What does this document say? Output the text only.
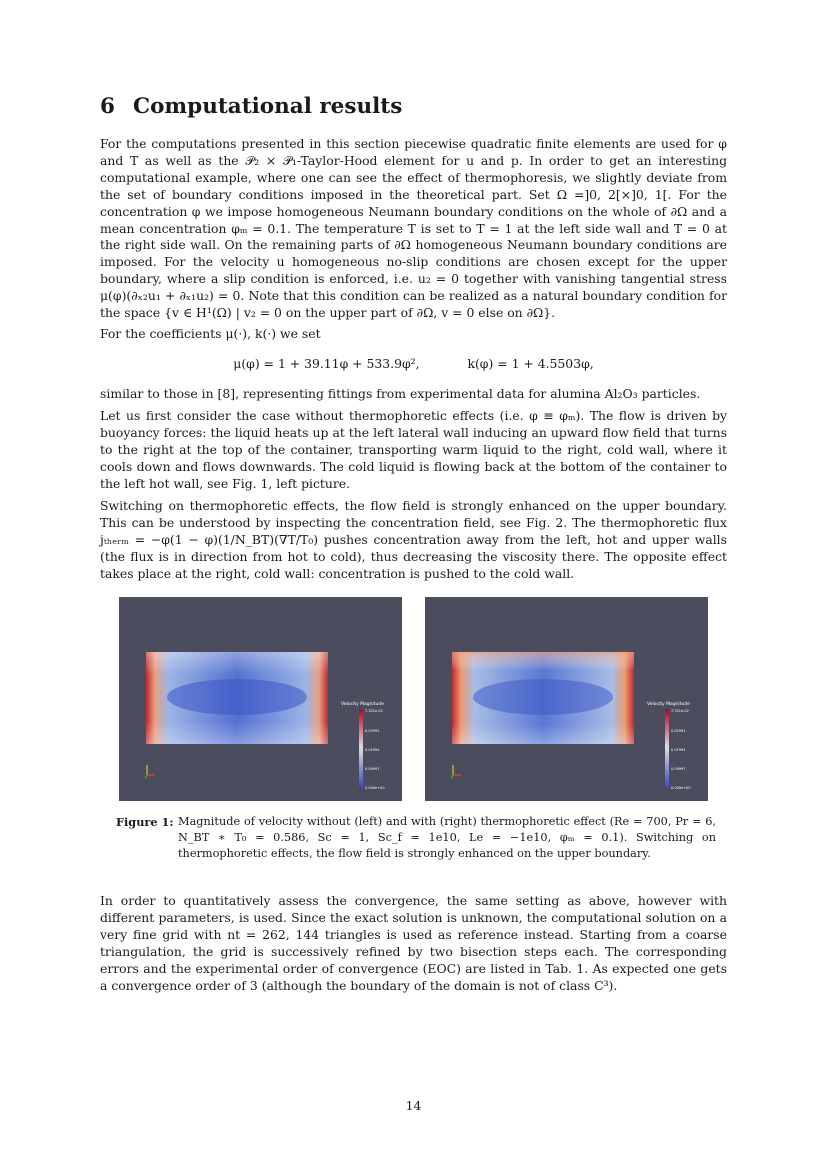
6 Computational results

For the computations presented in this section piecewise quadratic finite elements are used for φ and T as well as the 𝒫₂ × 𝒫₁-Taylor-Hood element for u and p. In order to get an interesting computational example, where one can see the effect of thermophoresis, we slightly deviate from the set of boundary conditions imposed in the theoretical part. Set Ω =]0, 2[×]0, 1[. For the concentration φ we impose homogeneous Neumann boundary conditions on the whole of ∂Ω and a mean concentration φₘ = 0.1. The temperature T is set to T = 1 at the left side wall and T = 0 at the right side wall. On the remaining parts of ∂Ω homogeneous Neumann boundary conditions are imposed. For the velocity u homogeneous no-slip conditions are chosen except for the upper boundary, where a slip condition is enforced, i.e. u₂ = 0 together with vanishing tangential stress μ(φ)(∂ₓ₂u₁ + ∂ₓ₁u₂) = 0. Note that this condition can be realized as a natural boundary condition for the space {v ∈ H¹(Ω) | v₂ = 0 on the upper part of ∂Ω, v = 0 else on ∂Ω}.

For the coefficients μ(·), k(·) we set

μ(φ) = 1 + 39.11φ + 533.9φ²,	k(φ) = 1 + 4.5503φ,

similar to those in [8], representing fittings from experimental data for alumina Al₂O₃ particles.

Let us first consider the case without thermophoretic effects (i.e. φ ≡ φₘ). The flow is driven by buoyancy forces: the liquid heats up at the left lateral wall inducing an upward flow field that turns to the right at the top of the container, transporting warm liquid to the right, cold wall, where it cools down and flows downwards. The cold liquid is flowing back at the bottom of the container to the left hot wall, see Fig. 1, left picture.

Switching on thermophoretic effects, the flow field is strongly enhanced on the upper boundary. This can be understood by inspecting the concentration field, see Fig. 2. The thermophoretic flux jₜₕₑᵣₘ = −φ(1 − φ)(1/N_BT)(∇T/T₀) pushes concentration away from the left, hot and upper walls (the flux is in direction from hot to cold), thus decreasing the viscosity there. The opposite effect takes place at the right, cold wall: concentration is pushed to the cold wall.

Velocity Magnitude
7.321e-02
0.02991
0.01994
0.00997
0.000e+00
Velocity Magnitude
7.321e-02
0.02991
0.01994
0.00997
0.000e+00
Figure 1: Magnitude of velocity without (left) and with (right) thermophoretic effect (Re = 700, Pr = 6, N_BT ∗ T₀ = 0.586, Sc = 1, Sc_f = 1e10, Le = −1e10, φₘ = 0.1). Switching on thermophoretic effects, the flow field is strongly enhanced on the upper boundary.

In order to quantitatively assess the convergence, the same setting as above, however with different parameters, is used. Since the exact solution is unknown, the computational solution on a very fine grid with nt = 262, 144 triangles is used as reference instead. Starting from a coarse triangulation, the grid is successively refined by two bisection steps each. The corresponding errors and the experimental order of convergence (EOC) are listed in Tab. 1. As expected one gets a convergence order of 3 (although the boundary of the domain is not of class C³).

14
